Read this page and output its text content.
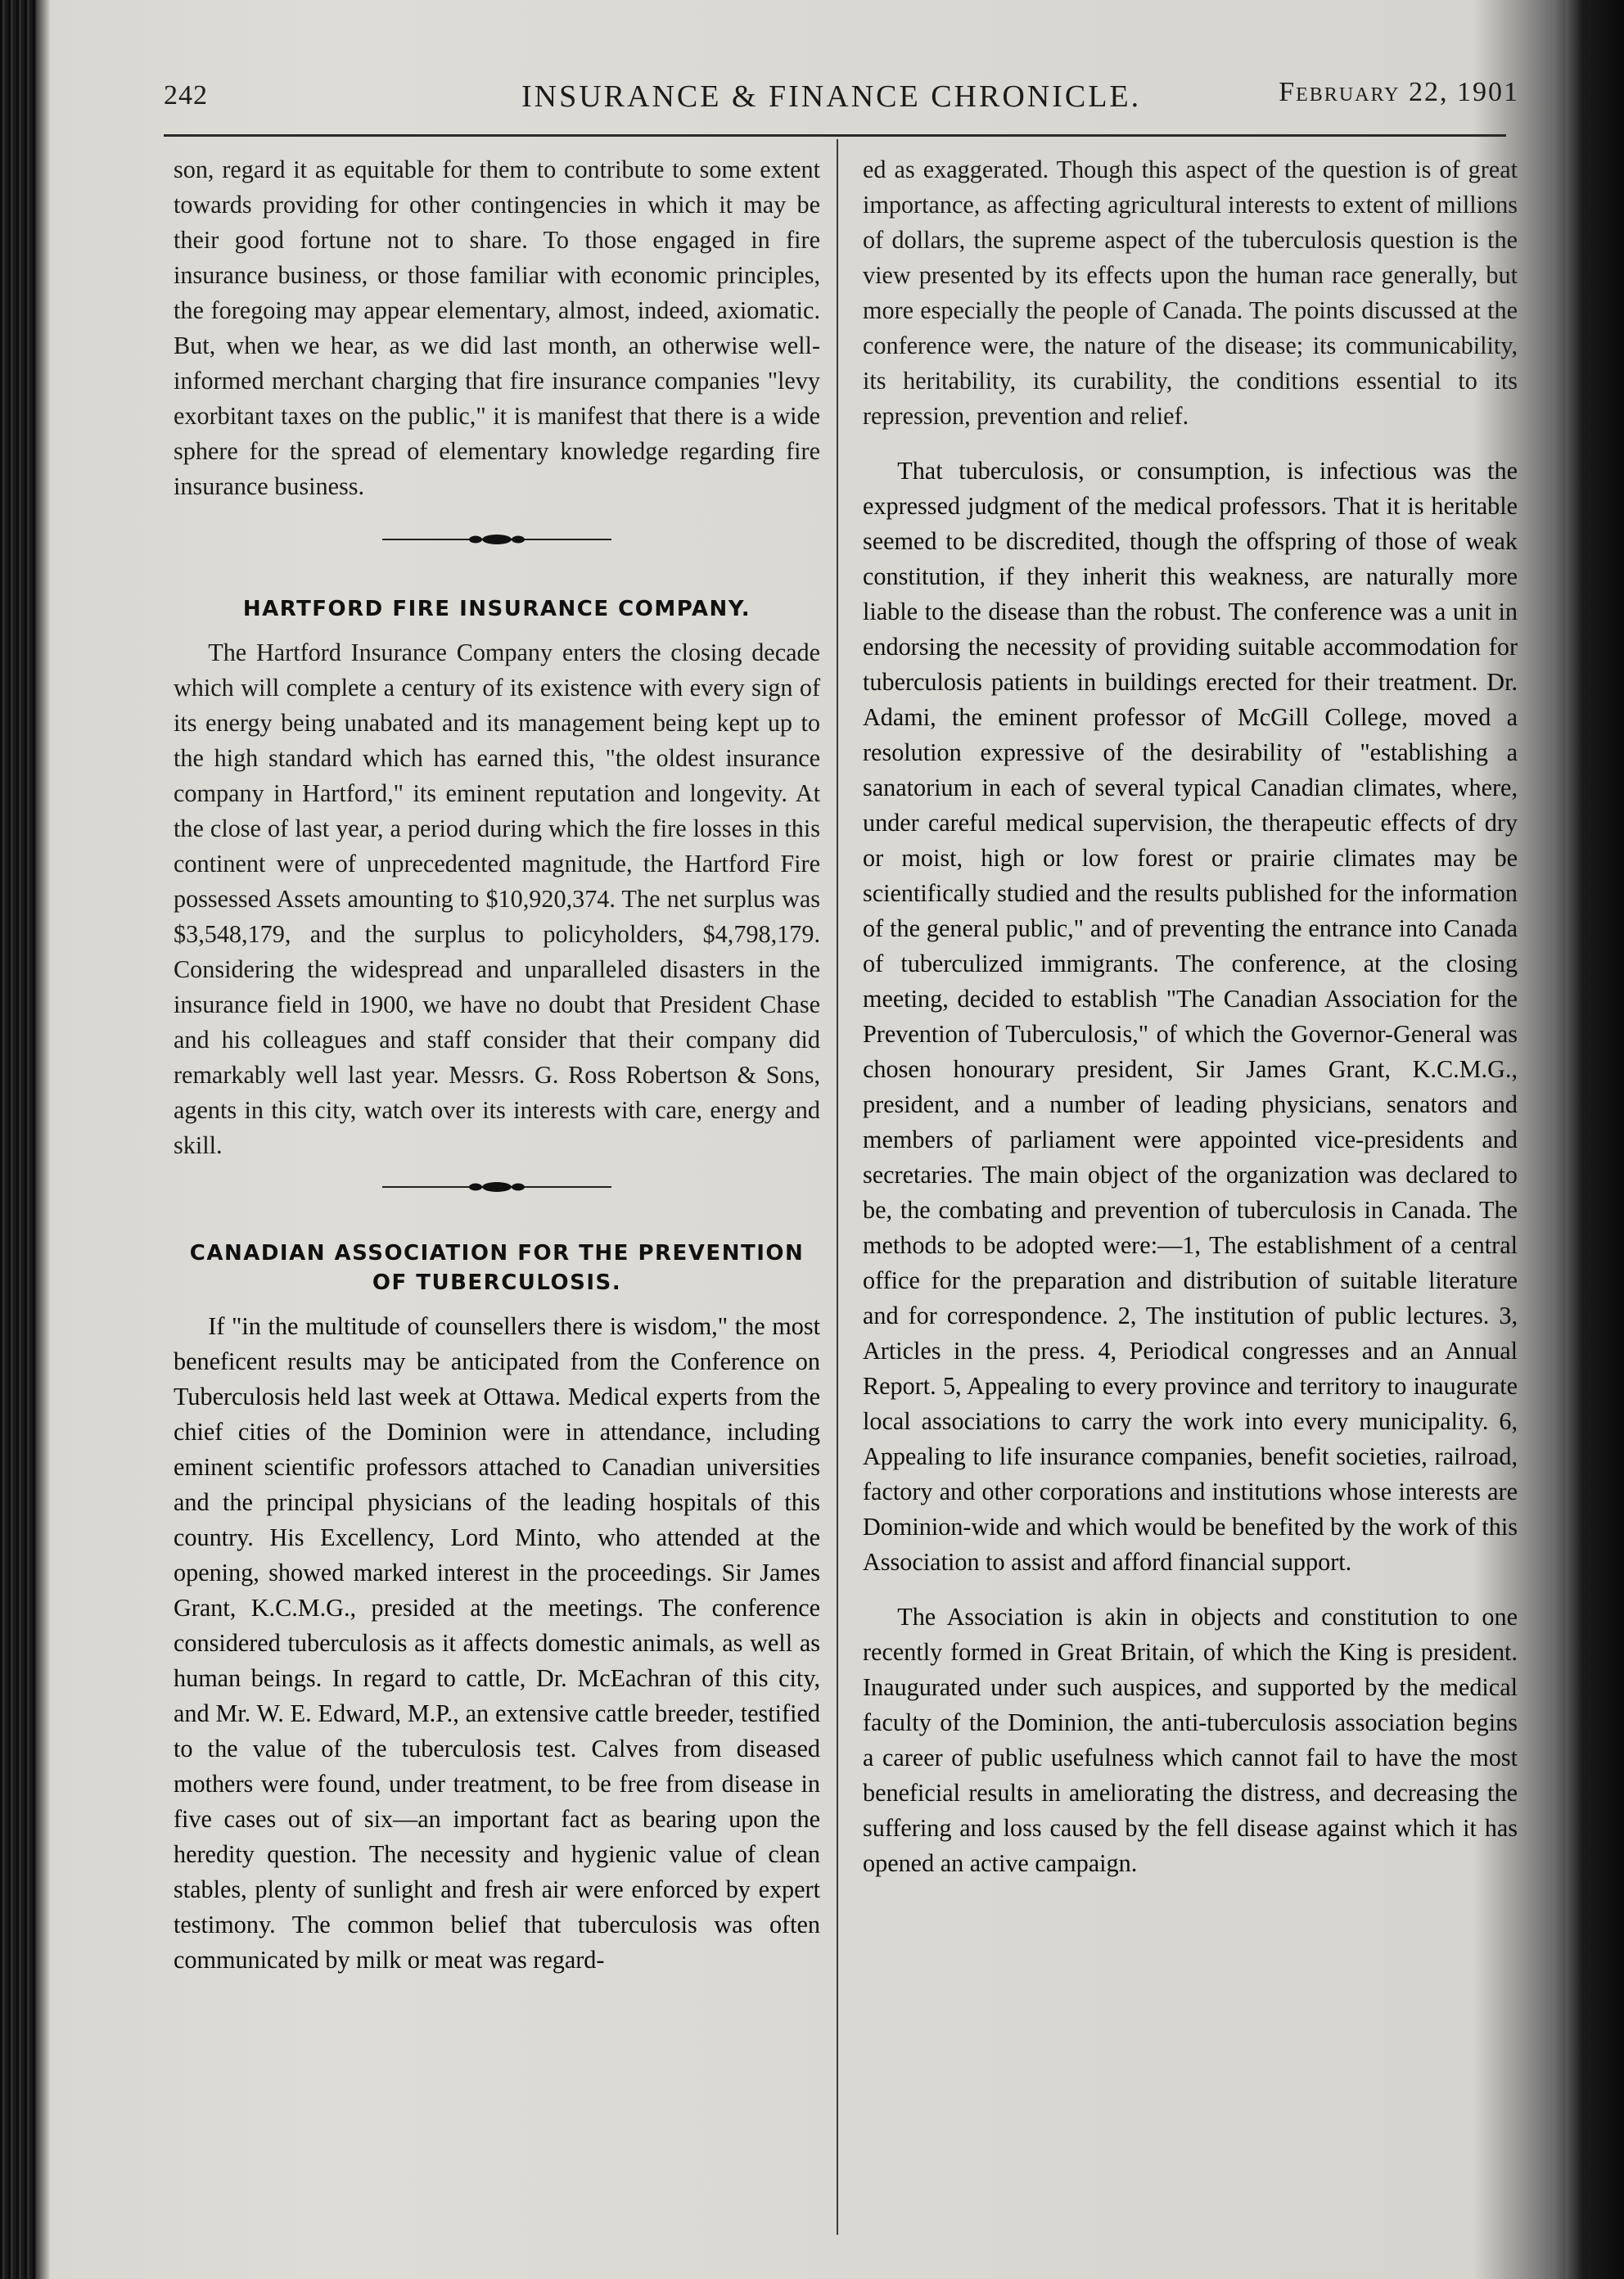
242	INSURANCE & FINANCE CHRONICLE.	February 22, 1901

son, regard it as equitable for them to contribute to some extent towards providing for other contingencies in which it may be their good fortune not to share. To those engaged in fire insurance business, or those familiar with economic principles, the foregoing may appear elementary, almost, indeed, axiomatic. But, when we hear, as we did last month, an otherwise well-informed merchant charging that fire insurance companies "levy exorbitant taxes on the public," it is manifest that there is a wide sphere for the spread of elementary knowledge regarding fire insurance business.

HARTFORD FIRE INSURANCE COMPANY.

The Hartford Insurance Company enters the closing decade which will complete a century of its existence with every sign of its energy being unabated and its management being kept up to the high standard which has earned this, "the oldest insurance company in Hartford," its eminent reputation and longevity. At the close of last year, a period during which the fire losses in this continent were of unprecedented magnitude, the Hartford Fire possessed Assets amounting to $10,920,374. The net surplus was $3,548,179, and the surplus to policyholders, $4,798,179. Considering the widespread and unparalleled disasters in the insurance field in 1900, we have no doubt that President Chase and his colleagues and staff consider that their company did remarkably well last year. Messrs. G. Ross Robertson & Sons, agents in this city, watch over its interests with care, energy and skill.

CANADIAN ASSOCIATION FOR THE PREVENTION OF TUBERCULOSIS.

If "in the multitude of counsellers there is wisdom," the most beneficent results may be anticipated from the Conference on Tuberculosis held last week at Ottawa. Medical experts from the chief cities of the Dominion were in attendance, including eminent scientific professors attached to Canadian universities and the principal physicians of the leading hospitals of this country. His Excellency, Lord Minto, who attended at the opening, showed marked interest in the proceedings. Sir James Grant, K.C.M.G., presided at the meetings. The conference considered tuberculosis as it affects domestic animals, as well as human beings. In regard to cattle, Dr. McEachran of this city, and Mr. W. E. Edward, M.P., an extensive cattle breeder, testified to the value of the tuberculosis test. Calves from diseased mothers were found, under treatment, to be free from disease in five cases out of six—an important fact as bearing upon the heredity question. The necessity and hygienic value of clean stables, plenty of sunlight and fresh air were enforced by expert testimony. The common belief that tuberculosis was often communicated by milk or meat was regard-

ed as exaggerated. Though this aspect of the question is of great importance, as affecting agricultural interests to extent of millions of dollars, the supreme aspect of the tuberculosis question is the view presented by its effects upon the human race generally, but more especially the people of Canada. The points discussed at the conference were, the nature of the disease; its communicability, its heritability, its curability, the conditions essential to its repression, prevention and relief.

That tuberculosis, or consumption, is infectious was the expressed judgment of the medical professors. That it is heritable seemed to be discredited, though the offspring of those of weak constitution, if they inherit this weakness, are naturally more liable to the disease than the robust. The conference was a unit in endorsing the necessity of providing suitable accommodation for tuberculosis patients in buildings erected for their treatment. Dr. Adami, the eminent professor of McGill College, moved a resolution expressive of the desirability of "establishing a sanatorium in each of several typical Canadian climates, where, under careful medical supervision, the therapeutic effects of dry or moist, high or low forest or prairie climates may be scientifically studied and the results published for the information of the general public," and of preventing the entrance into Canada of tuberculized immigrants. The conference, at the closing meeting, decided to establish "The Canadian Association for the Prevention of Tuberculosis," of which the Governor-General was chosen honourary president, Sir James Grant, K.C.M.G., president, and a number of leading physicians, senators and members of parliament were appointed vice-presidents and secretaries. The main object of the organization was declared to be, the combating and prevention of tuberculosis in Canada. The methods to be adopted were:—1, The establishment of a central office for the preparation and distribution of suitable literature and for correspondence. 2, The institution of public lectures. 3, Articles in the press. 4, Periodical congresses and an Annual Report. 5, Appealing to every province and territory to inaugurate local associations to carry the work into every municipality. 6, Appealing to life insurance companies, benefit societies, railroad, factory and other corporations and institutions whose interests are Dominion-wide and which would be benefited by the work of this Association to assist and afford financial support.

The Association is akin in objects and constitution to one recently formed in Great Britain, of which the King is president. Inaugurated under such auspices, and supported by the medical faculty of the Dominion, the anti-tuberculosis association begins a career of public usefulness which cannot fail to have the most beneficial results in ameliorating the distress, and decreasing the suffering and loss caused by the fell disease against which it has opened an active campaign.
